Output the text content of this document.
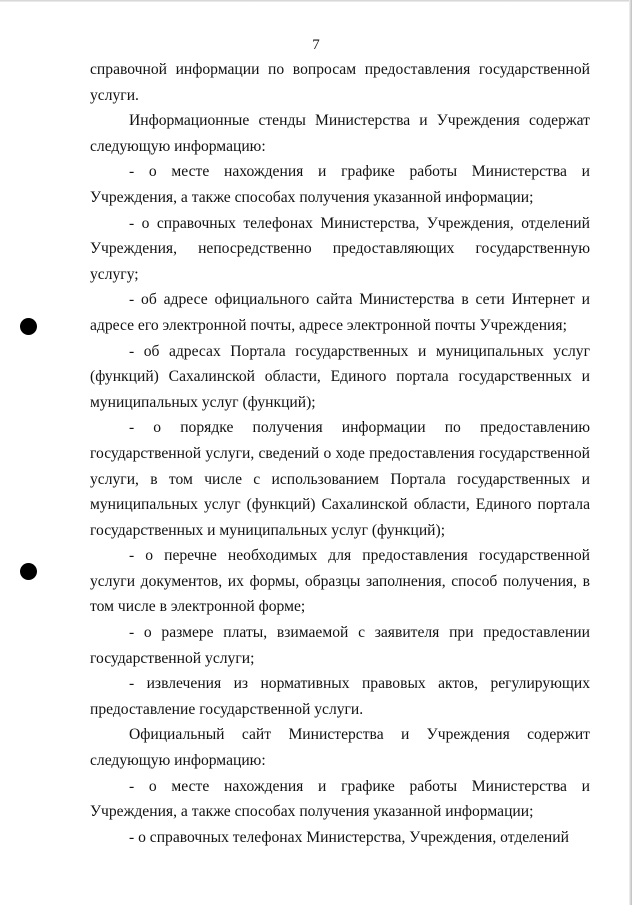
7

справочной информации по вопросам предоставления государственной услуги.

Информационные стенды Министерства и Учреждения содержат следующую информацию:

- о месте нахождения и графике работы Министерства и Учреждения, а также способах получения указанной информации;

- о справочных телефонах Министерства, Учреждения, отделений Учреждения, непосредственно предоставляющих государственную услугу;

- об адресе официального сайта Министерства в сети Интернет и адресе его электронной почты, адресе электронной почты Учреждения;

- об адресах Портала государственных и муниципальных услуг (функций) Сахалинской области, Единого портала государственных и муниципальных услуг (функций);

- о порядке получения информации по предоставлению государственной услуги, сведений о ходе предоставления государственной услуги, в том числе с использованием Портала государственных и муниципальных услуг (функций) Сахалинской области, Единого портала государственных и муниципальных услуг (функций);

- о перечне необходимых для предоставления государственной услуги документов, их формы, образцы заполнения, способ получения, в том числе в электронной форме;

- о размере платы, взимаемой с заявителя при предоставлении государственной услуги;

- извлечения из нормативных правовых актов, регулирующих предоставление государственной услуги.

Официальный сайт Министерства и Учреждения содержит следующую информацию:

- о месте нахождения и графике работы Министерства и Учреждения, а также способах получения указанной информации;

- о справочных телефонах Министерства, Учреждения, отделений
